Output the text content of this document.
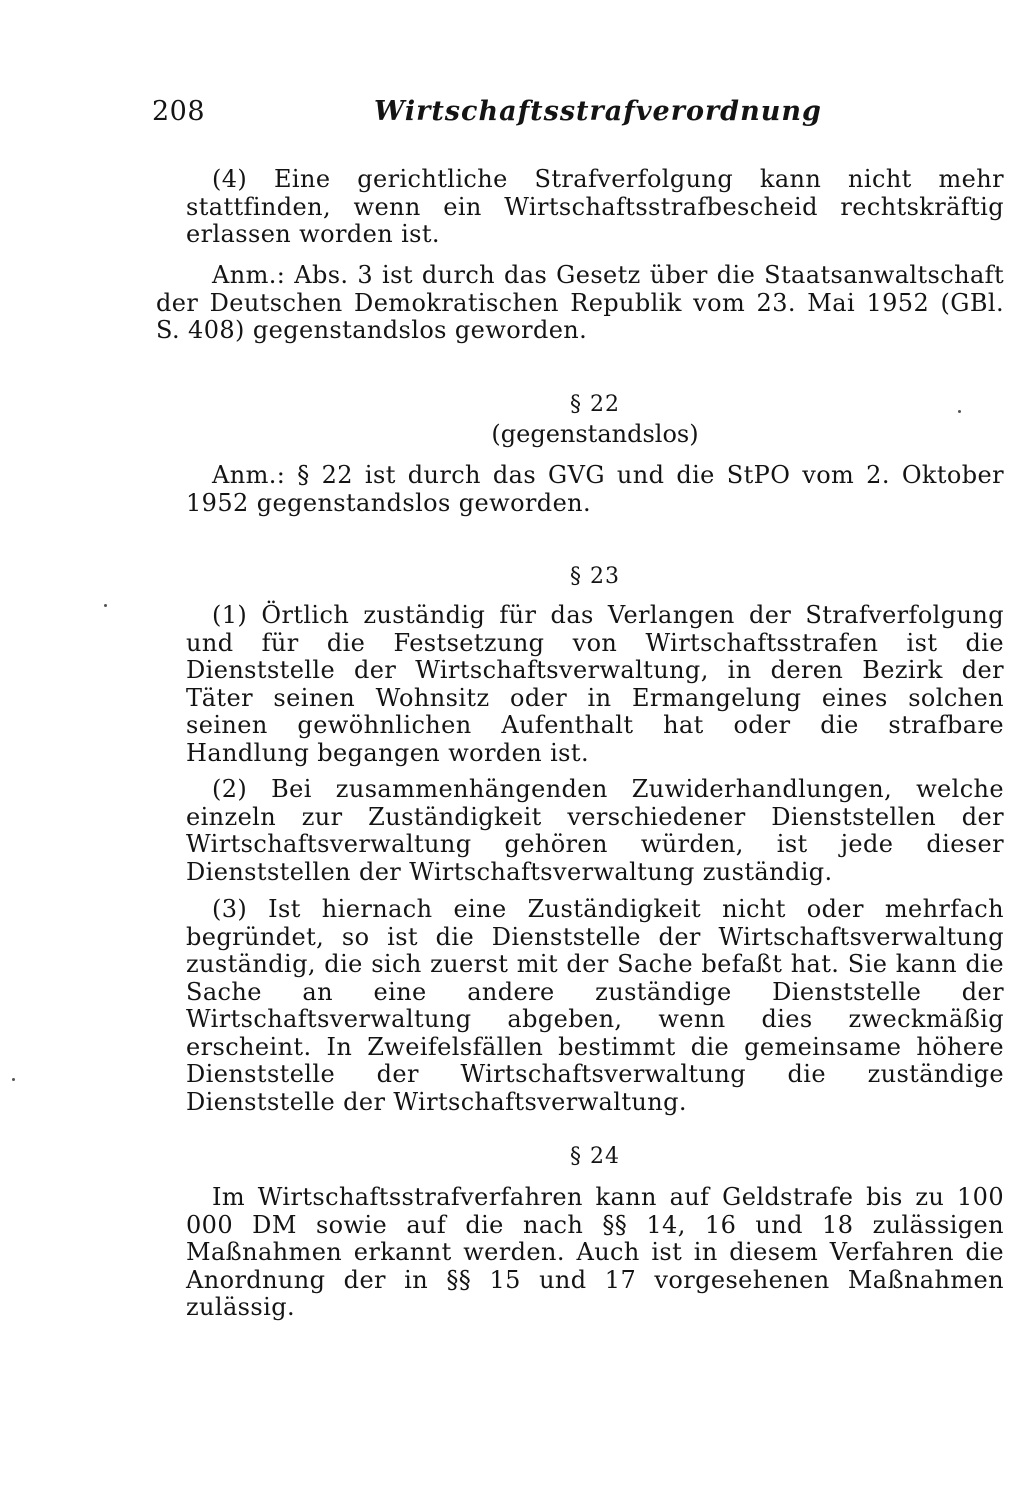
208	Wirtschaftsstrafverordnung

(4) Eine gerichtliche Strafverfolgung kann nicht mehr stattfinden, wenn ein Wirtschaftsstrafbescheid rechtskräftig erlassen worden ist.

Anm.: Abs. 3 ist durch das Gesetz über die Staatsanwaltschaft der Deutschen Demokratischen Republik vom 23. Mai 1952 (GBl. S. 408) gegenstandslos geworden.

§ 22
(gegenstandslos)

Anm.: § 22 ist durch das GVG und die StPO vom 2. Oktober 1952 gegenstandslos geworden.

§ 23

(1) Örtlich zuständig für das Verlangen der Strafverfolgung und für die Festsetzung von Wirtschaftsstrafen ist die Dienststelle der Wirtschaftsverwaltung, in deren Bezirk der Täter seinen Wohnsitz oder in Ermangelung eines solchen seinen gewöhnlichen Aufenthalt hat oder die strafbare Handlung begangen worden ist.

(2) Bei zusammenhängenden Zuwiderhandlungen, welche einzeln zur Zuständigkeit verschiedener Dienststellen der Wirtschaftsverwaltung gehören würden, ist jede dieser Dienststellen der Wirtschaftsverwaltung zuständig.

(3) Ist hiernach eine Zuständigkeit nicht oder mehrfach begründet, so ist die Dienststelle der Wirtschaftsverwaltung zuständig, die sich zuerst mit der Sache befaßt hat. Sie kann die Sache an eine andere zuständige Dienststelle der Wirtschaftsverwaltung abgeben, wenn dies zweckmäßig erscheint. In Zweifelsfällen bestimmt die gemeinsame höhere Dienststelle der Wirtschaftsverwaltung die zuständige Dienststelle der Wirtschaftsverwaltung.

§ 24

Im Wirtschaftsstrafverfahren kann auf Geldstrafe bis zu 100 000 DM sowie auf die nach §§ 14, 16 und 18 zulässigen Maßnahmen erkannt werden. Auch ist in diesem Verfahren die Anordnung der in §§ 15 und 17 vorgesehenen Maßnahmen zulässig.
